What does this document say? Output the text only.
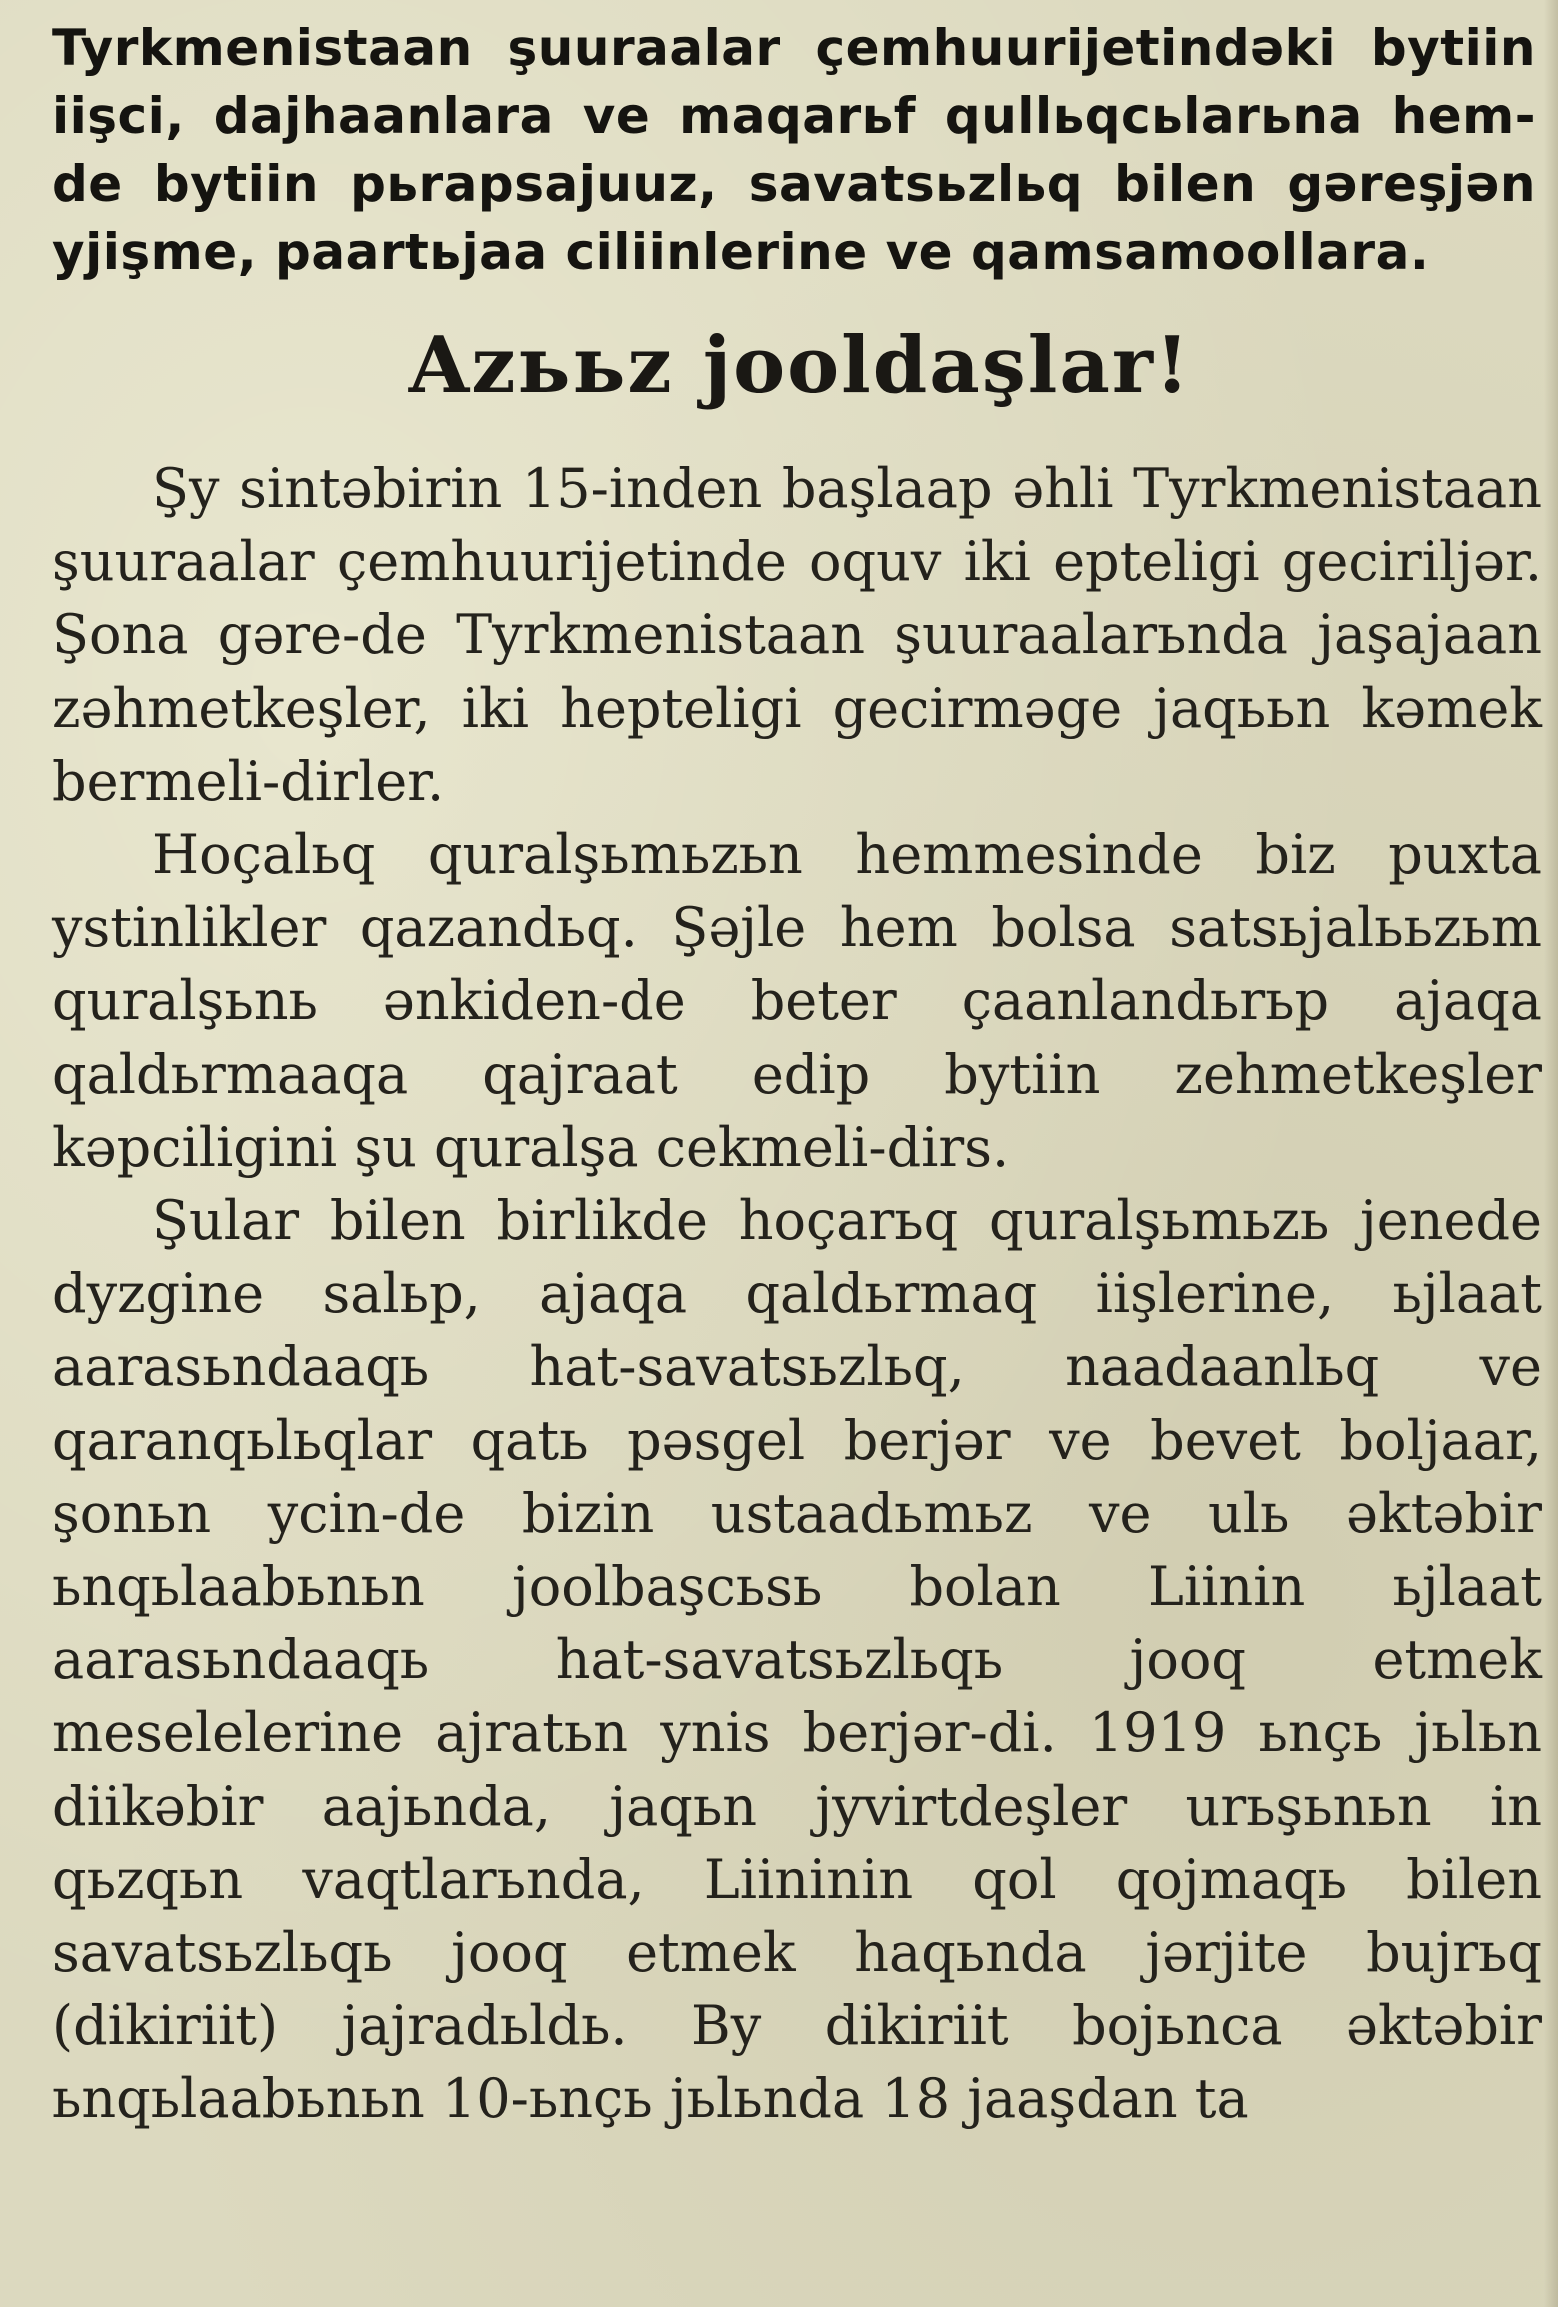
Tyrkmenistaan şuuraalar çemhuurijetindəki bytiin iişci, dajhaanlara ve maqarьf qullьqcьlarьna hem-de bytiin pьrapsajuuz, savatsьzlьq bilen gəreşjən yjişme, paartьjaa ciliinlerine ve qamsamoollara.

Azььz jooldaşlar!

Şy sintəbirin 15-inden başlaap əhli Tyrkmenistaan şuuraalar çemhuurijetinde oquv iki epteligi geciriljər. Şona gəre-de Tyrkmenistaan şuuraalarьnda jaşajaan zəhmetkeşler, iki hepteligi gecirməge jaqььn kəmek bermeli-dirler.

Hoçalьq quralşьmьzьn hemmesinde biz puxta ystinlikler qazandьq. Şəjle hem bolsa satsьjalььzьm quralşьnь ənkiden-de beter çaanlandьrьp ajaqa qaldьrmaaqa qajraat edip bytiin zehmetkeşler kəpciligini şu quralşa cekmeli-dirs.

Şular bilen birlikde hoçarьq quralşьmьzь jenede dyzgine salьp, ajaqa qaldьrmaq iişlerine, ьjlaat aarasьndaaqь hat-savatsьzlьq, naadaanlьq ve qaranqьlьqlar qatь pəsgel berjər ve bevet boljaar, şonьn ycin-de bizin ustaadьmьz ve ulь əktəbir ьnqьlaabьnьn joolbaşcьsь bolan Liinin ьjlaat aarasьndaaqь hat-savatsьzlьqь jooq etmek meselelerine ajratьn ynis berjər-di. 1919 ьnçь jьlьn diikəbir aajьnda, jaqьn jyvirtdeşler urьşьnьn in qьzqьn vaqtlarьnda, Liininin qol qojmaqь bilen savatsьzlьqь jooq etmek haqьnda jərjite bujrьq (dikiriit) jajradьldь. By dikiriit bojьnca əktəbir ьnqьlaabьnьn 10-ьnçь jьlьnda 18 jaaşdan ta
